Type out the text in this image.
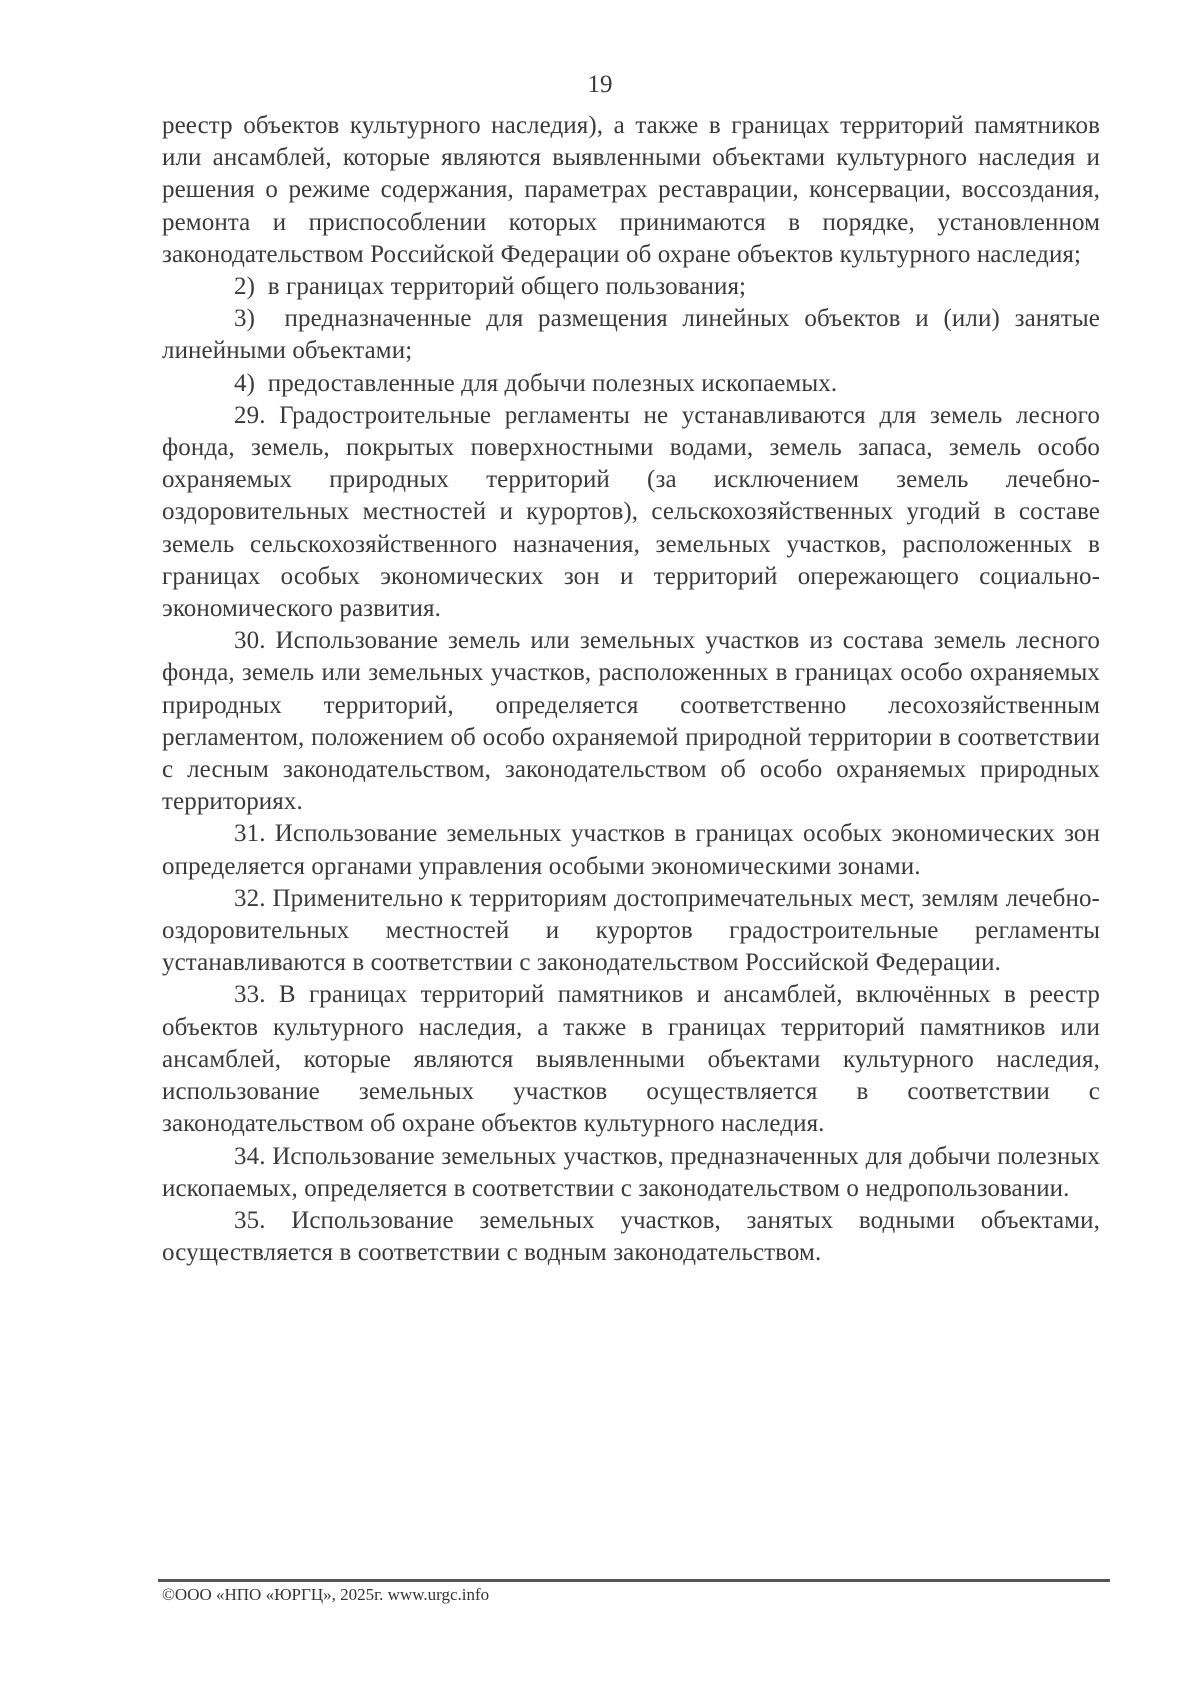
19

реестр объектов культурного наследия), а также в границах территорий памятников или ансамблей, которые являются выявленными объектами культурного наследия и решения о режиме содержания, параметрах реставрации, консервации, воссоздания, ремонта и приспособлении которых принимаются в порядке, установленном законодательством Российской Федерации об охране объектов культурного наследия;

2)  в границах территорий общего пользования;

3)  предназначенные для размещения линейных объектов и (или) занятые линейными объектами;

4)  предоставленные для добычи полезных ископаемых.

29. Градостроительные регламенты не устанавливаются для земель лесного фонда, земель, покрытых поверхностными водами, земель запаса, земель особо охраняемых природных территорий (за исключением земель лечебно-оздоровительных местностей и курортов), сельскохозяйственных угодий в составе земель сельскохозяйственного назначения, земельных участков, расположенных в границах особых экономических зон и территорий опережающего социально-экономического развития.

30. Использование земель или земельных участков из состава земель лесного фонда, земель или земельных участков, расположенных в границах особо охраняемых природных территорий, определяется соответственно лесохозяйственным регламентом, положением об особо охраняемой природной территории в соответствии с лесным законодательством, законодательством об особо охраняемых природных территориях.

31. Использование земельных участков в границах особых экономических зон определяется органами управления особыми экономическими зонами.

32. Применительно к территориям достопримечательных мест, землям лечебно-оздоровительных местностей и курортов градостроительные регламенты устанавливаются в соответствии с законодательством Российской Федерации.

33. В границах территорий памятников и ансамблей, включённых в реестр объектов культурного наследия, а также в границах территорий памятников или ансамблей, которые являются выявленными объектами культурного наследия, использование земельных участков осуществляется в соответствии с законодательством об охране объектов культурного наследия.

34. Использование земельных участков, предназначенных для добычи полезных ископаемых, определяется в соответствии с законодательством о недропользовании.

35. Использование земельных участков, занятых водными объектами, осуществляется в соответствии с водным законодательством.

©ООО «НПО «ЮРГЦ», 2025г. www.urgc.info
